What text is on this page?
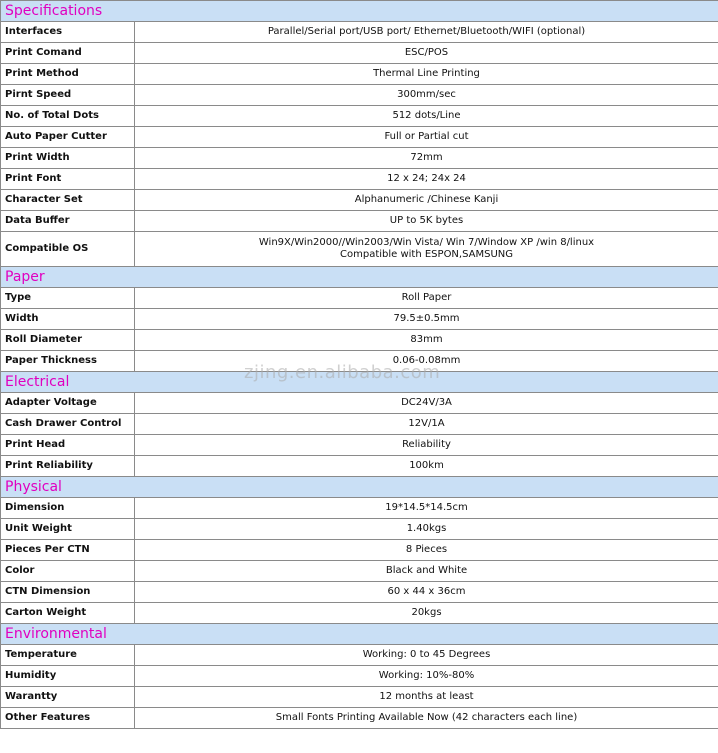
Specifications	
Interfaces	Parallel/Serial port/USB port/ Ethernet/Bluetooth/WIFI (optional)

Print Comand	ESC/POS

Print Method	Thermal Line Printing

Pirnt Speed	300mm/sec

No. of Total Dots	512 dots/Line

Auto Paper Cutter	Full or Partial cut

Print Width	72mm

Print Font	12 x 24; 24x 24

Character Set	Alphanumeric /Chinese Kanji

Data Buffer	UP to 5K bytes

Compatible OS	Win9X/Win2000//Win2003/Win Vista/ Win 7/Window XP /win 8/linux
Compatible with ESPON,SAMSUNG

Paper	
Type	Roll Paper

Width	79.5±0.5mm

Roll Diameter	83mm

Paper Thickness	0.06-0.08mm

Electrical	
Adapter Voltage	DC24V/3A

Cash Drawer Control	12V/1A

Print Head	Reliability

Print Reliability	100km

Physical	
Dimension	19*14.5*14.5cm

Unit Weight	1.40kgs

Pieces Per CTN	8 Pieces

Color	Black and White

CTN Dimension	60 x 44 x 36cm

Carton Weight	20kgs

Environmental	
Temperature	Working: 0 to 45 Degrees

Humidity	Working: 10%-80%

Warantty	12 months at least

Other Features	Small Fonts Printing Available Now (42 characters each line)
zjing.en.alibaba.com
